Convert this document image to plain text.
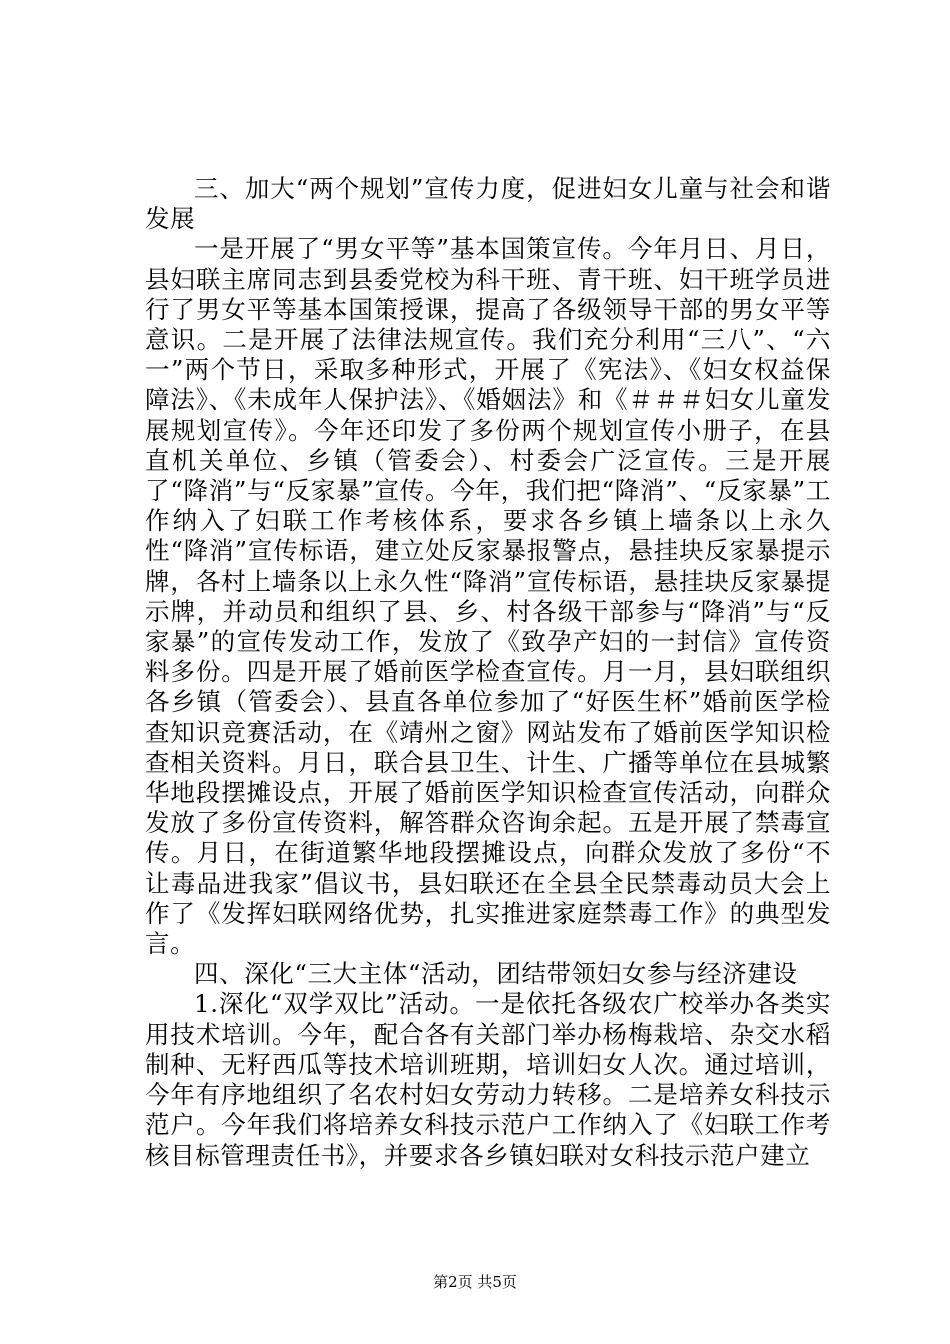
三、加大“两个规划”宣传力度，促进妇女儿童与社会和谐发展

一是开展了“男女平等”基本国策宣传。今年月日、月日，县妇联主席同志到县委党校为科干班、青干班、妇干班学员进行了男女平等基本国策授课，提高了各级领导干部的男女平等意识。二是开展了法律法规宣传。我们充分利用“三八”、“六一”两个节日，采取多种形式，开展了《宪法》、《妇女权益保障法》、《未成年人保护法》、《婚姻法》和《＃＃＃妇女儿童发展规划宣传》。今年还印发了多份两个规划宣传小册子，在县直机关单位、乡镇（管委会）、村委会广泛宣传。三是开展了“降消”与“反家暴”宣传。今年，我们把“降消”、“反家暴”工作纳入了妇联工作考核体系，要求各乡镇上墙条以上永久性“降消”宣传标语，建立处反家暴报警点，悬挂块反家暴提示牌，各村上墙条以上永久性“降消”宣传标语，悬挂块反家暴提示牌，并动员和组织了县、乡、村各级干部参与“降消”与“反家暴”的宣传发动工作，发放了《致孕产妇的一封信》宣传资料多份。四是开展了婚前医学检查宣传。月一月，县妇联组织各乡镇（管委会）、县直各单位参加了“好医生杯”婚前医学检查知识竞赛活动，在《靖州之窗》网站发布了婚前医学知识检查相关资料。月日，联合县卫生、计生、广播等单位在县城繁华地段摆摊设点，开展了婚前医学知识检查宣传活动，向群众发放了多份宣传资料，解答群众咨询余起。五是开展了禁毒宣传。月日，在街道繁华地段摆摊设点，向群众发放了多份“不让毒品进我家”倡议书，县妇联还在全县全民禁毒动员大会上作了《发挥妇联网络优势，扎实推进家庭禁毒工作》的典型发言。

四、深化“三大主体“活动，团结带领妇女参与经济建设

1.深化“双学双比”活动。一是依托各级农广校举办各类实用技术培训。今年，配合各有关部门举办杨梅栽培、杂交水稻制种、无籽西瓜等技术培训班期，培训妇女人次。通过培训，今年有序地组织了名农村妇女劳动力转移。二是培养女科技示范户。今年我们将培养女科技示范户工作纳入了《妇联工作考核目标管理责任书》，并要求各乡镇妇联对女科技示范户建立

第2页 共5页
